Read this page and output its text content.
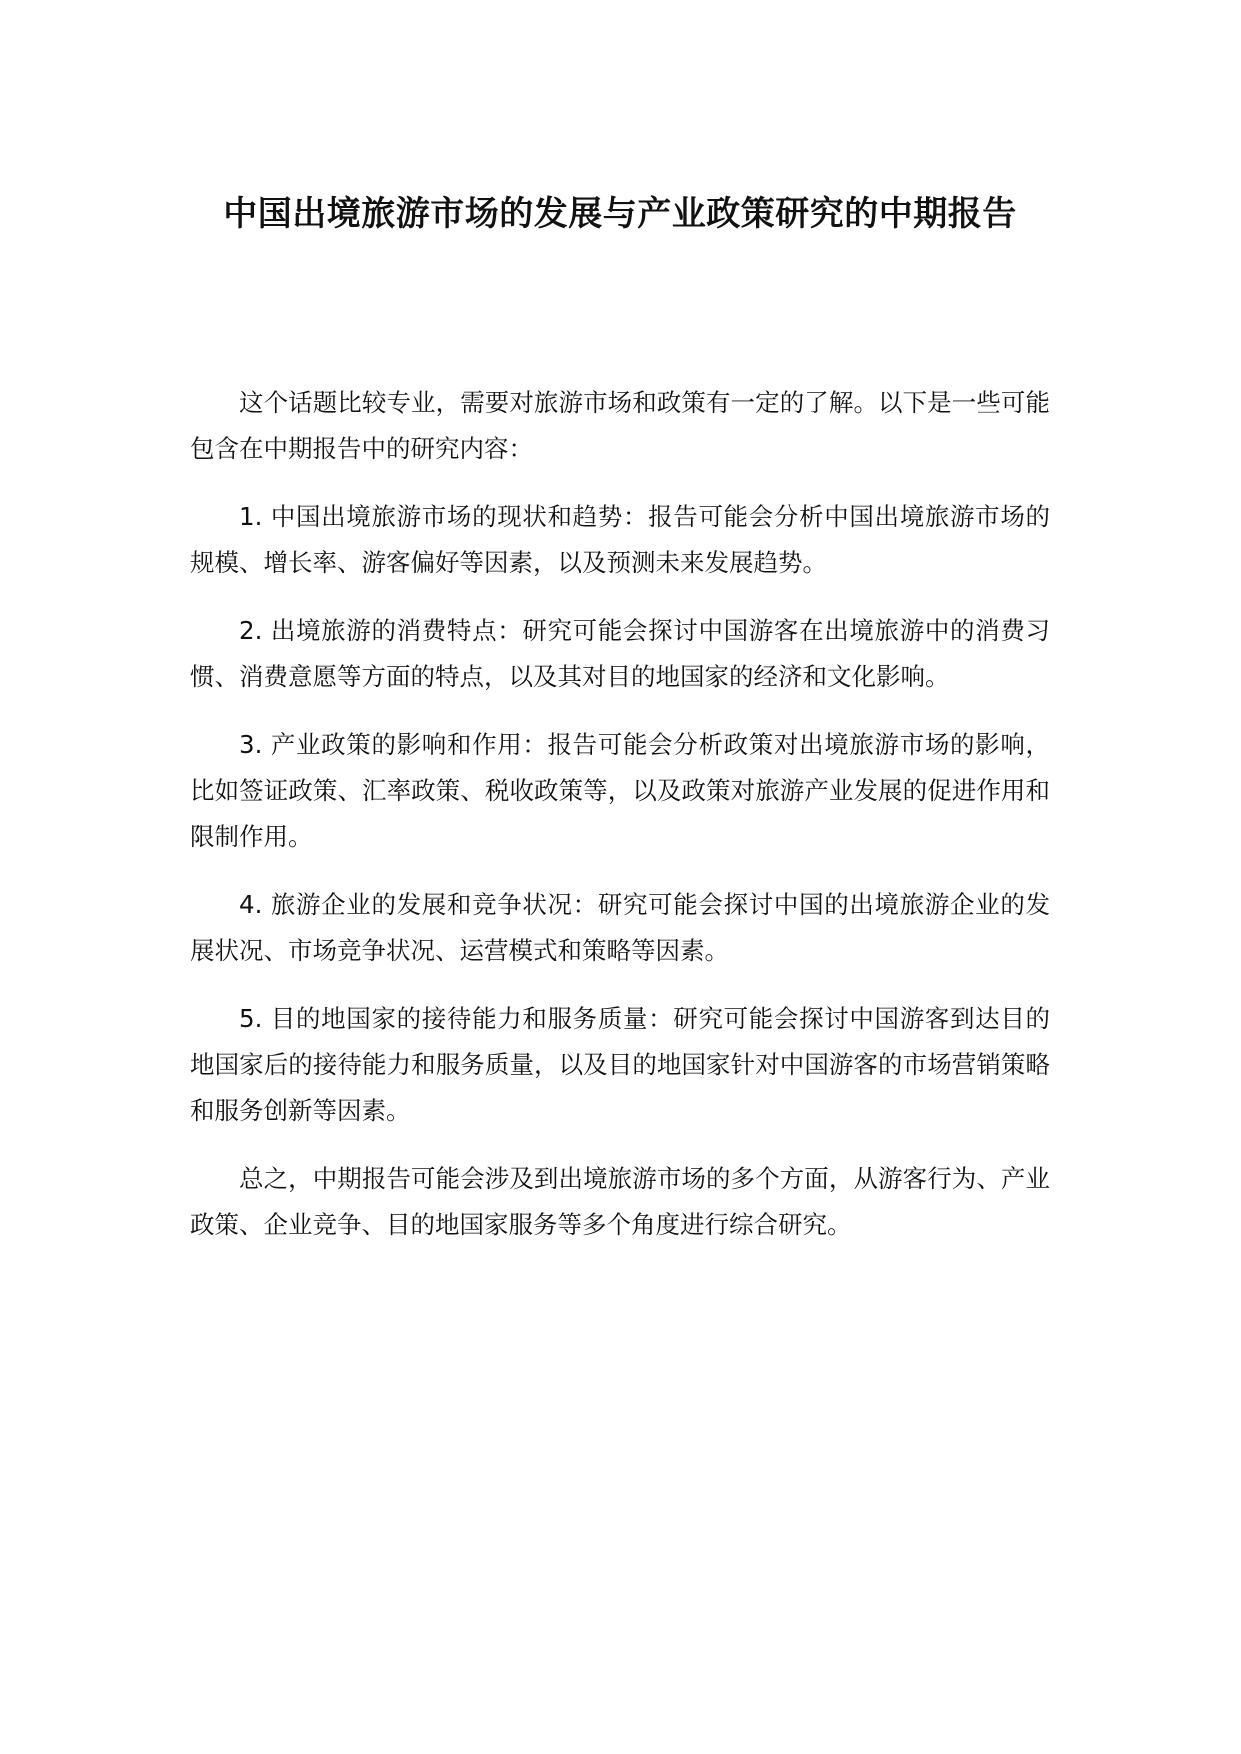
中国出境旅游市场的发展与产业政策研究的中期报告

这个话题比较专业，需要对旅游市场和政策有一定的了解。以下是一些可能包含在中期报告中的研究内容：

1. 中国出境旅游市场的现状和趋势：报告可能会分析中国出境旅游市场的规模、增长率、游客偏好等因素，以及预测未来发展趋势。

2. 出境旅游的消费特点：研究可能会探讨中国游客在出境旅游中的消费习惯、消费意愿等方面的特点，以及其对目的地国家的经济和文化影响。

3. 产业政策的影响和作用：报告可能会分析政策对出境旅游市场的影响，比如签证政策、汇率政策、税收政策等，以及政策对旅游产业发展的促进作用和限制作用。

4. 旅游企业的发展和竞争状况：研究可能会探讨中国的出境旅游企业的发展状况、市场竞争状况、运营模式和策略等因素。

5. 目的地国家的接待能力和服务质量：研究可能会探讨中国游客到达目的地国家后的接待能力和服务质量，以及目的地国家针对中国游客的市场营销策略和服务创新等因素。

总之，中期报告可能会涉及到出境旅游市场的多个方面，从游客行为、产业政策、企业竞争、目的地国家服务等多个角度进行综合研究。
